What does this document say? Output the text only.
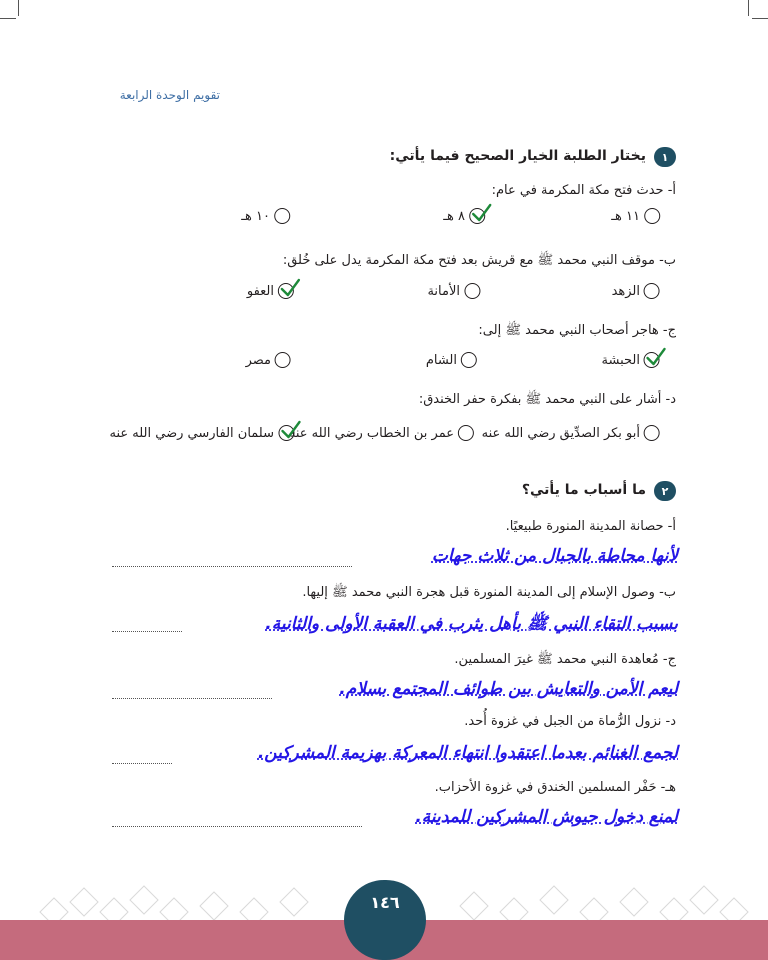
تقويم الوحدة الرابعة
١
يختار الطلبة الخيار الصحيح فيما يأتي:
أ- حدث فتح مكة المكرمة في عام:
ب- موقف النبي محمد ﷺ مع قريش بعد فتح مكة المكرمة يدل على خُلق:
ج- هاجر أصحاب النبي محمد ﷺ إلى:
د- أشار على النبي محمد ﷺ بفكرة حفر الخندق:
١١ هـ
٨ هـ
١٠ هـ
الزهد
الأمانة
العفو
الحبشة
الشام
مصر
أبو بكر الصدِّيق رضي الله عنه
عمر بن الخطاب رضي الله عنه
سلمان الفارسي رضي الله عنه
٢
ما أسباب ما يأتي؟
أ- حصانة المدينة المنورة طبيعيًا.
لأنها محاطة بالجبال من ثلاث جهات
ب- وصول الإسلام إلى المدينة المنورة قبل هجرة النبي محمد ﷺ إليها.
بسبب التقاء النبي ﷺ بأهل يثرب في العقبة الأولى والثانية.
ج- مُعاهدة النبي محمد ﷺ غيرَ المسلمين.
ليعم الأمن والتعايش بين طوائف المجتمع بسلام.
د- نزول الرُّماة من الجبل في غزوة أُحد.
لجمع الغنائم بعدما اعتقدوا انتهاء المعركة بهزيمة المشركين.
هـ- حَفْر المسلمين الخندق في غزوة الأحزاب.
لمنع دخول جيوش المشركين للمدينة.
١٤٦
